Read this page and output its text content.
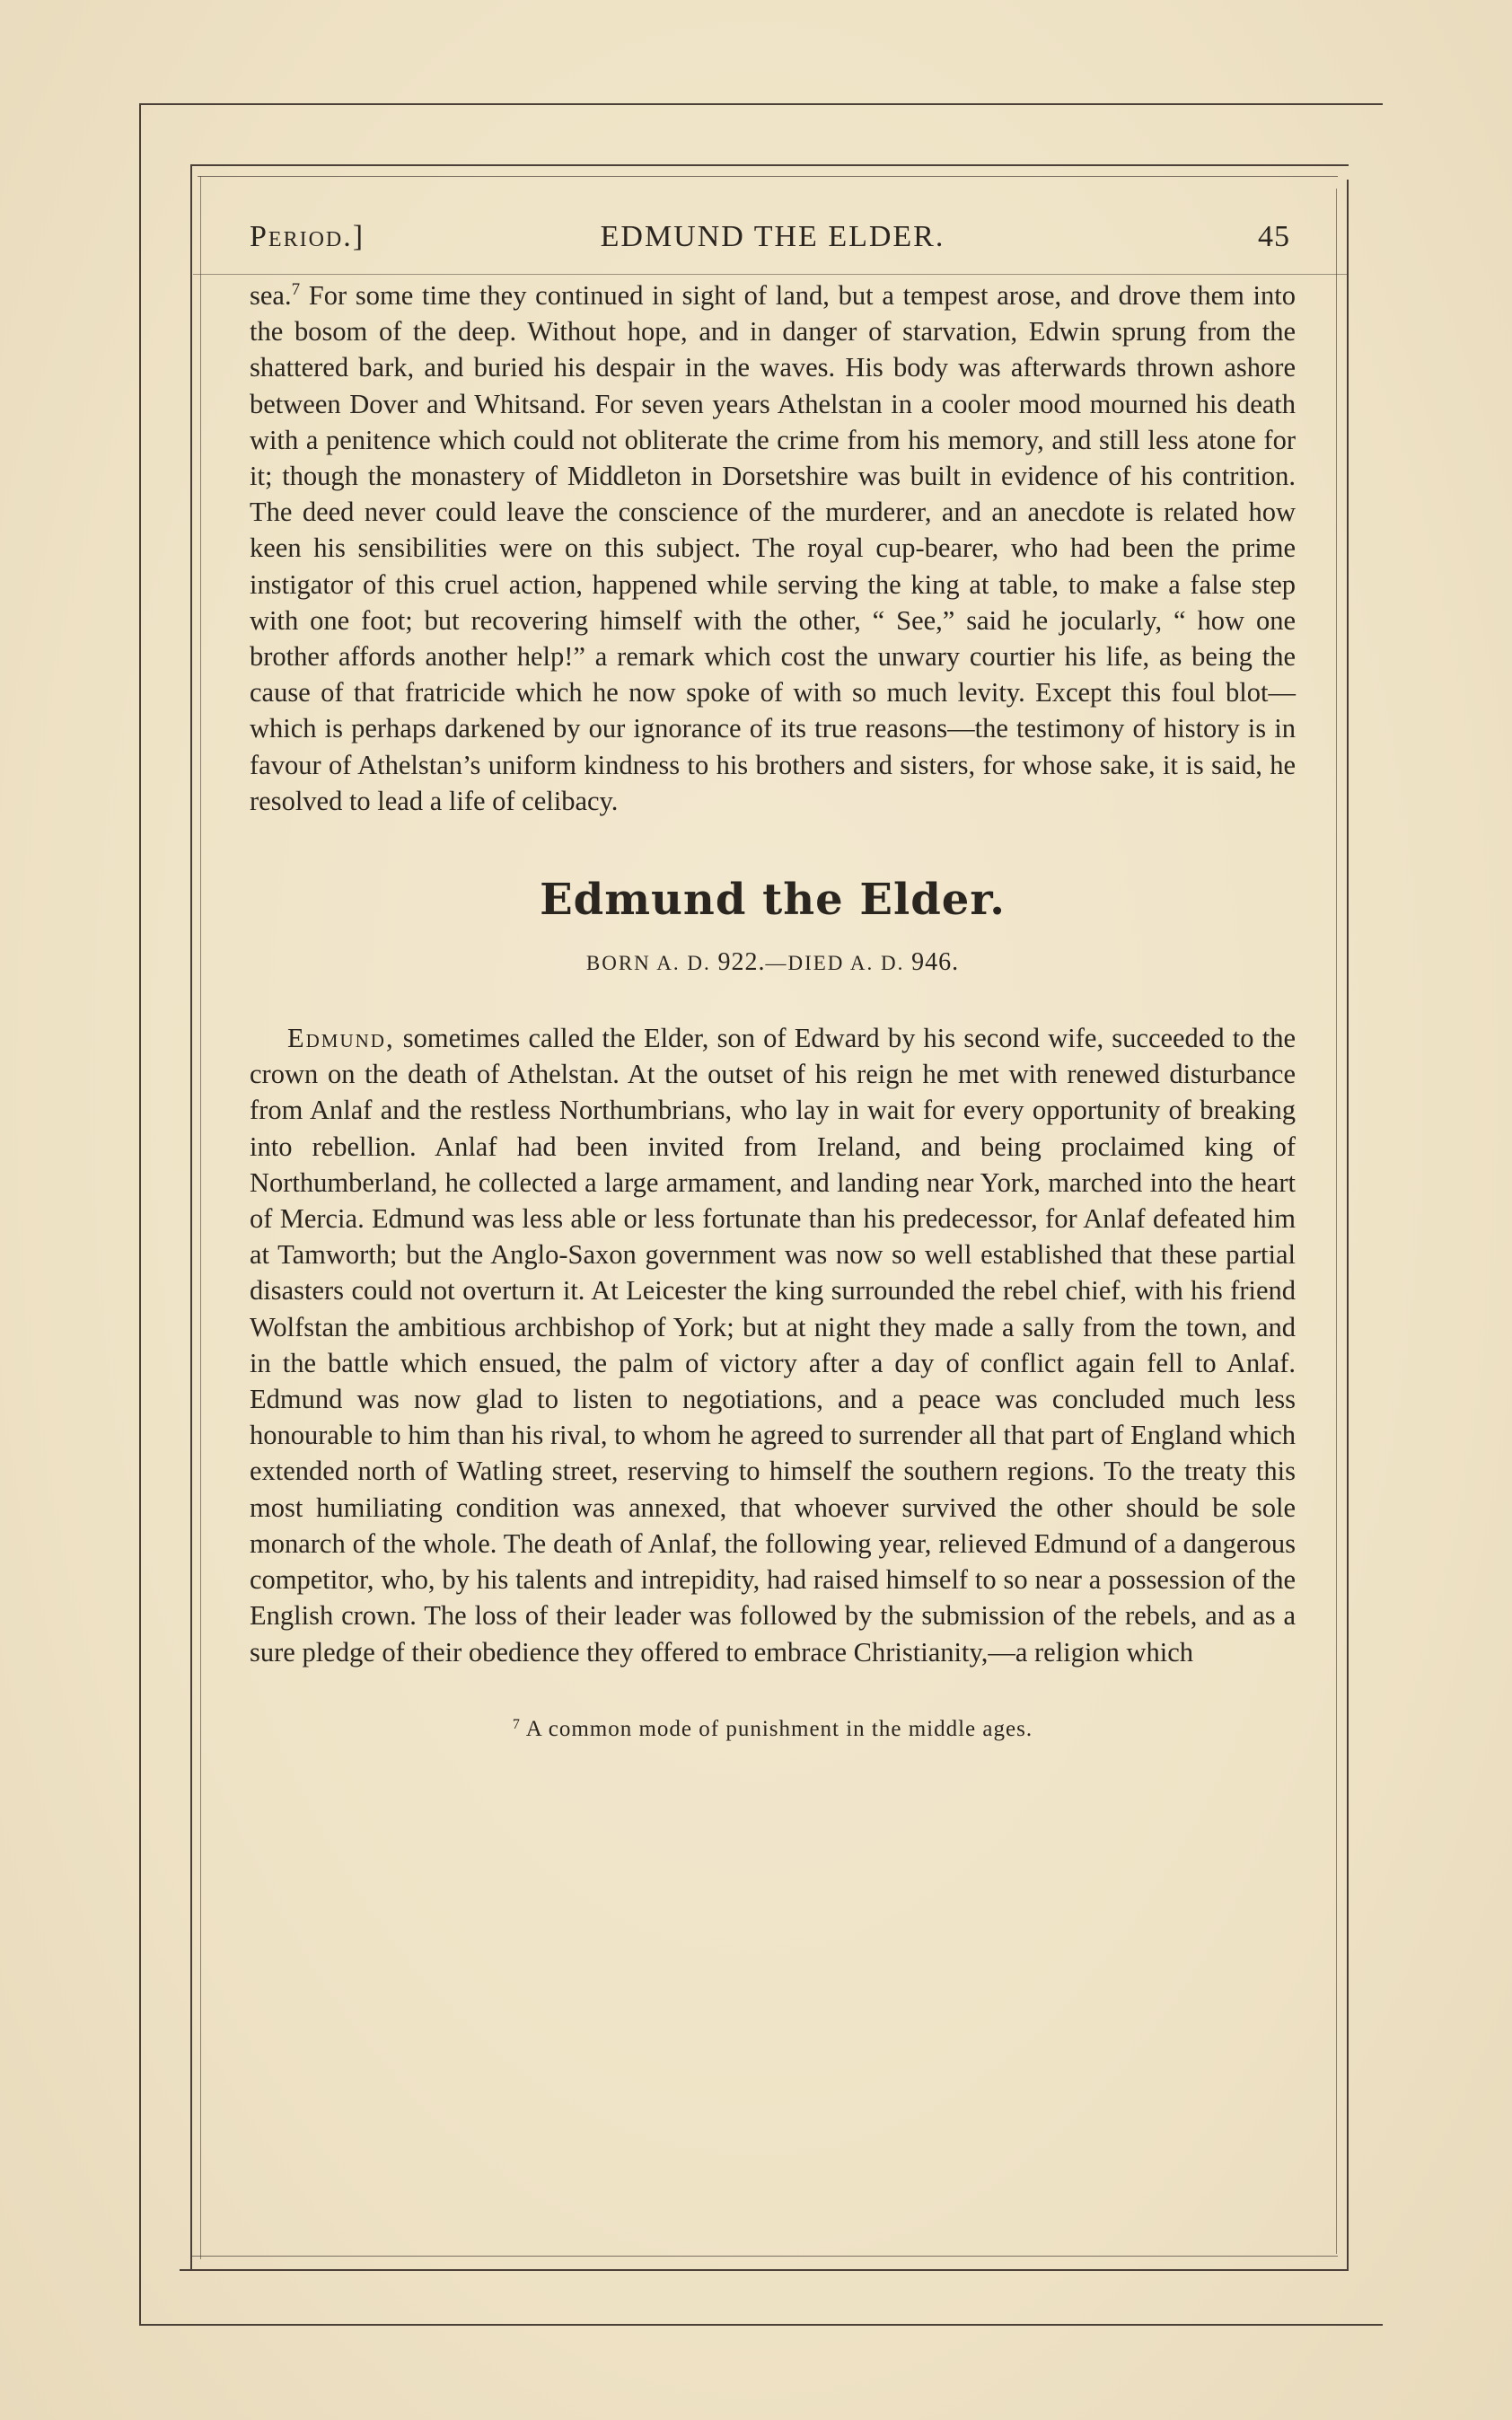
Period.]	EDMUND THE ELDER.	45

sea.$^7$ For some time they continued in sight of land, but a tempest arose, and drove them into the bosom of the deep. Without hope, and in danger of starvation, Edwin sprung from the shattered bark, and buried his despair in the waves. His body was afterwards thrown ashore between Dover and Whitsand. For seven years Athelstan in a cooler mood mourned his death with a penitence which could not obliterate the crime from his memory, and still less atone for it; though the monastery of Middleton in Dorsetshire was built in evidence of his contrition. The deed never could leave the conscience of the murderer, and an anecdote is related how keen his sensibilities were on this subject. The royal cup-bearer, who had been the prime instigator of this cruel action, happened while serving the king at table, to make a false step with one foot; but recovering himself with the other, “ See,” said he jocularly, “ how one brother affords another help!” a remark which cost the unwary courtier his life, as being the cause of that fratricide which he now spoke of with so much levity. Except this foul blot—which is perhaps darkened by our ignorance of its true reasons—the testimony of history is in favour of Athelstan’s uniform kindness to his brothers and sisters, for whose sake, it is said, he resolved to lead a life of celibacy.

Edmund the Elder.
BORN A. D. 922.—DIED A. D. 946.

Edmund, sometimes called the Elder, son of Edward by his second wife, succeeded to the crown on the death of Athelstan. At the outset of his reign he met with renewed disturbance from Anlaf and the restless Northumbrians, who lay in wait for every opportunity of breaking into rebellion. Anlaf had been invited from Ireland, and being proclaimed king of Northumberland, he collected a large armament, and landing near York, marched into the heart of Mercia. Edmund was less able or less fortunate than his predecessor, for Anlaf defeated him at Tamworth; but the Anglo-Saxon government was now so well established that these partial disasters could not overturn it. At Leicester the king surrounded the rebel chief, with his friend Wolfstan the ambitious archbishop of York; but at night they made a sally from the town, and in the battle which ensued, the palm of victory after a day of conflict again fell to Anlaf. Edmund was now glad to listen to negotiations, and a peace was concluded much less honourable to him than his rival, to whom he agreed to surrender all that part of England which extended north of Watling street, reserving to himself the southern regions. To the treaty this most humiliating condition was annexed, that whoever survived the other should be sole monarch of the whole. The death of Anlaf, the following year, relieved Edmund of a dangerous competitor, who, by his talents and intrepidity, had raised himself to so near a possession of the English crown. The loss of their leader was followed by the submission of the rebels, and as a sure pledge of their obedience they offered to embrace Christianity,—a religion which

$^7$ A common mode of punishment in the middle ages.
